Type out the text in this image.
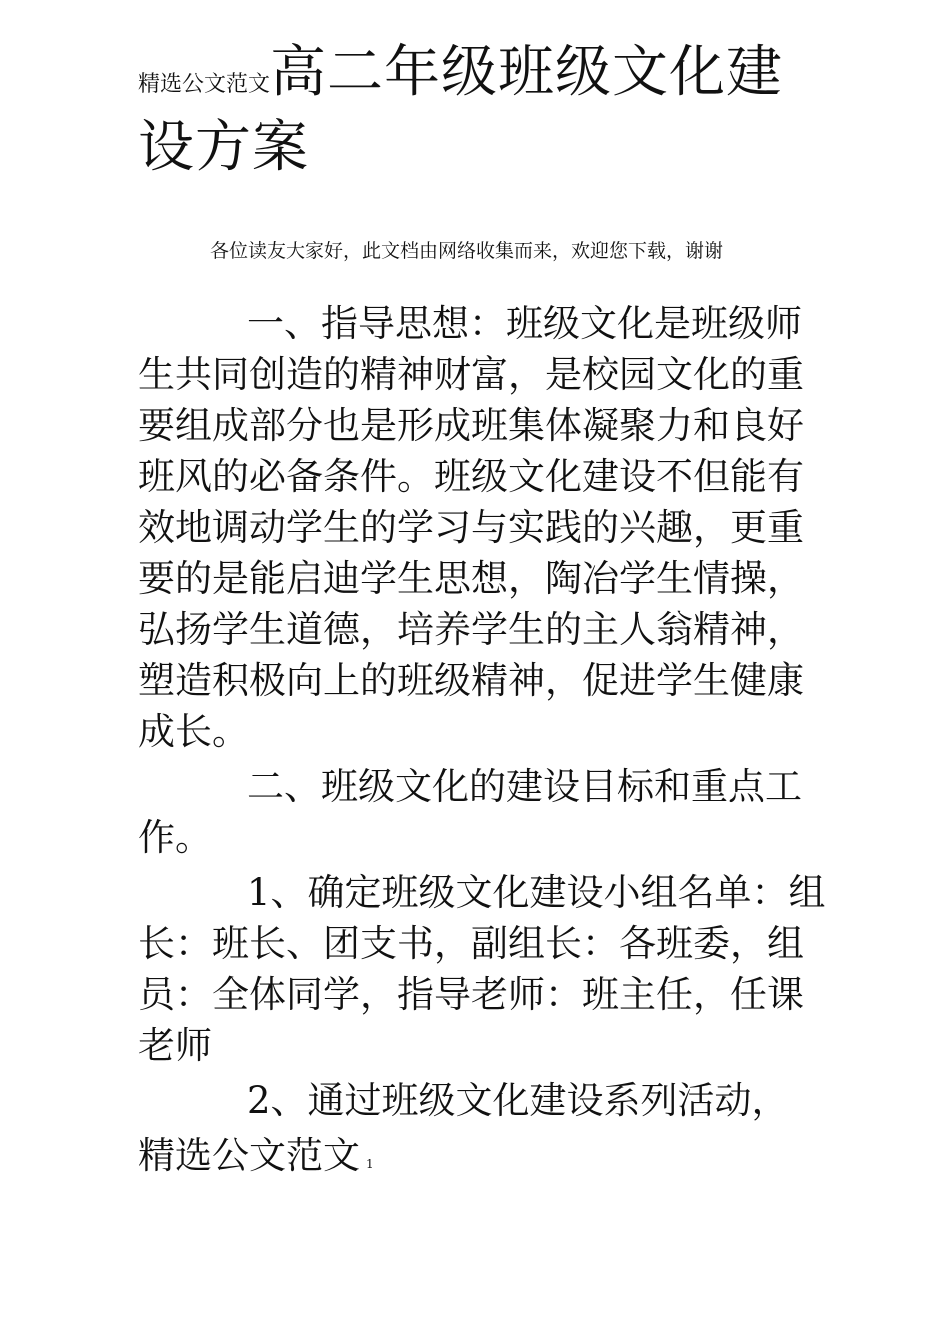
精选公文范文高二年级班级文化建设方案
各位读友大家好，此文档由网络收集而来，欢迎您下载，谢谢

一、指导思想：班级文化是班级师生共同创造的精神财富，是校园文化的重要组成部分也是形成班集体凝聚力和良好班风的必备条件。班级文化建设不但能有效地调动学生的学习与实践的兴趣，更重要的是能启迪学生思想，陶冶学生情操，弘扬学生道德，培养学生的主人翁精神，塑造积极向上的班级精神，促进学生健康成长。

二、班级文化的建设目标和重点工作。

1、确定班级文化建设小组名单：组长：班长、团支书，副组长：各班委，组员：全体同学，指导老师：班主任，任课老师

2、通过班级文化建设系列活动，

精选公文范文 1
